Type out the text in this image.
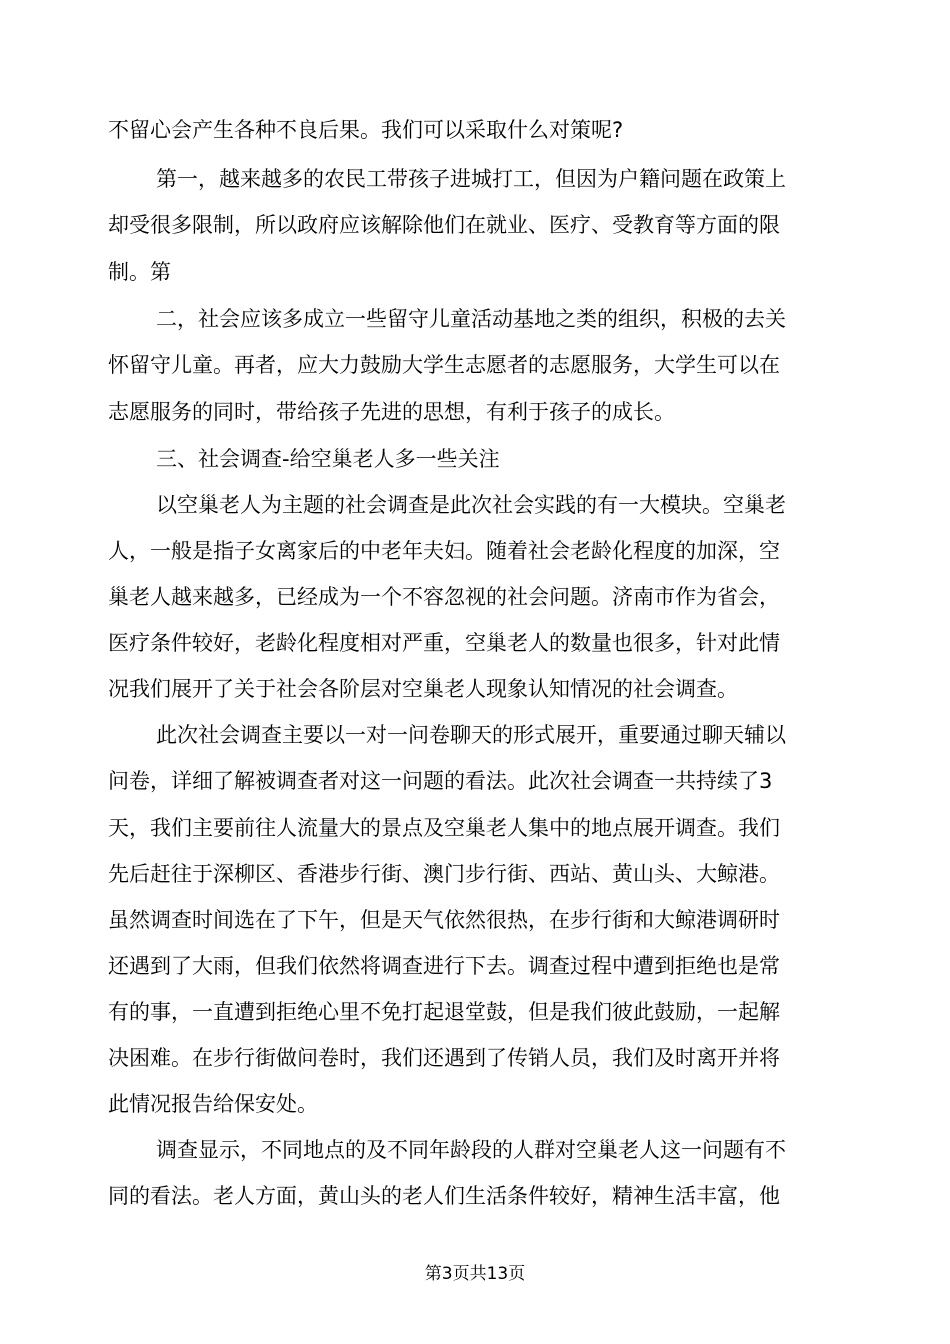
不留心会产生各种不良后果。我们可以采取什么对策呢?

第一，越来越多的农民工带孩子进城打工，但因为户籍问题在政策上

却受很多限制，所以政府应该解除他们在就业、医疗、受教育等方面的限

制。第

二，社会应该多成立一些留守儿童活动基地之类的组织，积极的去关

怀留守儿童。再者，应大力鼓励大学生志愿者的志愿服务，大学生可以在

志愿服务的同时，带给孩子先进的思想，有利于孩子的成长。

三、社会调查-给空巢老人多一些关注

以空巢老人为主题的社会调查是此次社会实践的有一大模块。空巢老

人，一般是指子女离家后的中老年夫妇。随着社会老龄化程度的加深，空

巢老人越来越多，已经成为一个不容忽视的社会问题。济南市作为省会，

医疗条件较好，老龄化程度相对严重，空巢老人的数量也很多，针对此情

况我们展开了关于社会各阶层对空巢老人现象认知情况的社会调查。

此次社会调查主要以一对一问卷聊天的形式展开，重要通过聊天辅以

问卷，详细了解被调查者对这一问题的看法。此次社会调查一共持续了3

天，我们主要前往人流量大的景点及空巢老人集中的地点展开调查。我们

先后赶往于深柳区、香港步行街、澳门步行街、西站、黄山头、大鲸港。

虽然调查时间选在了下午，但是天气依然很热，在步行街和大鲸港调研时

还遇到了大雨，但我们依然将调查进行下去。调查过程中遭到拒绝也是常

有的事，一直遭到拒绝心里不免打起退堂鼓，但是我们彼此鼓励，一起解

决困难。在步行街做问卷时，我们还遇到了传销人员，我们及时离开并将

此情况报告给保安处。

调查显示，不同地点的及不同年龄段的人群对空巢老人这一问题有不

同的看法。老人方面，黄山头的老人们生活条件较好，精神生活丰富，他

第3页共13页
